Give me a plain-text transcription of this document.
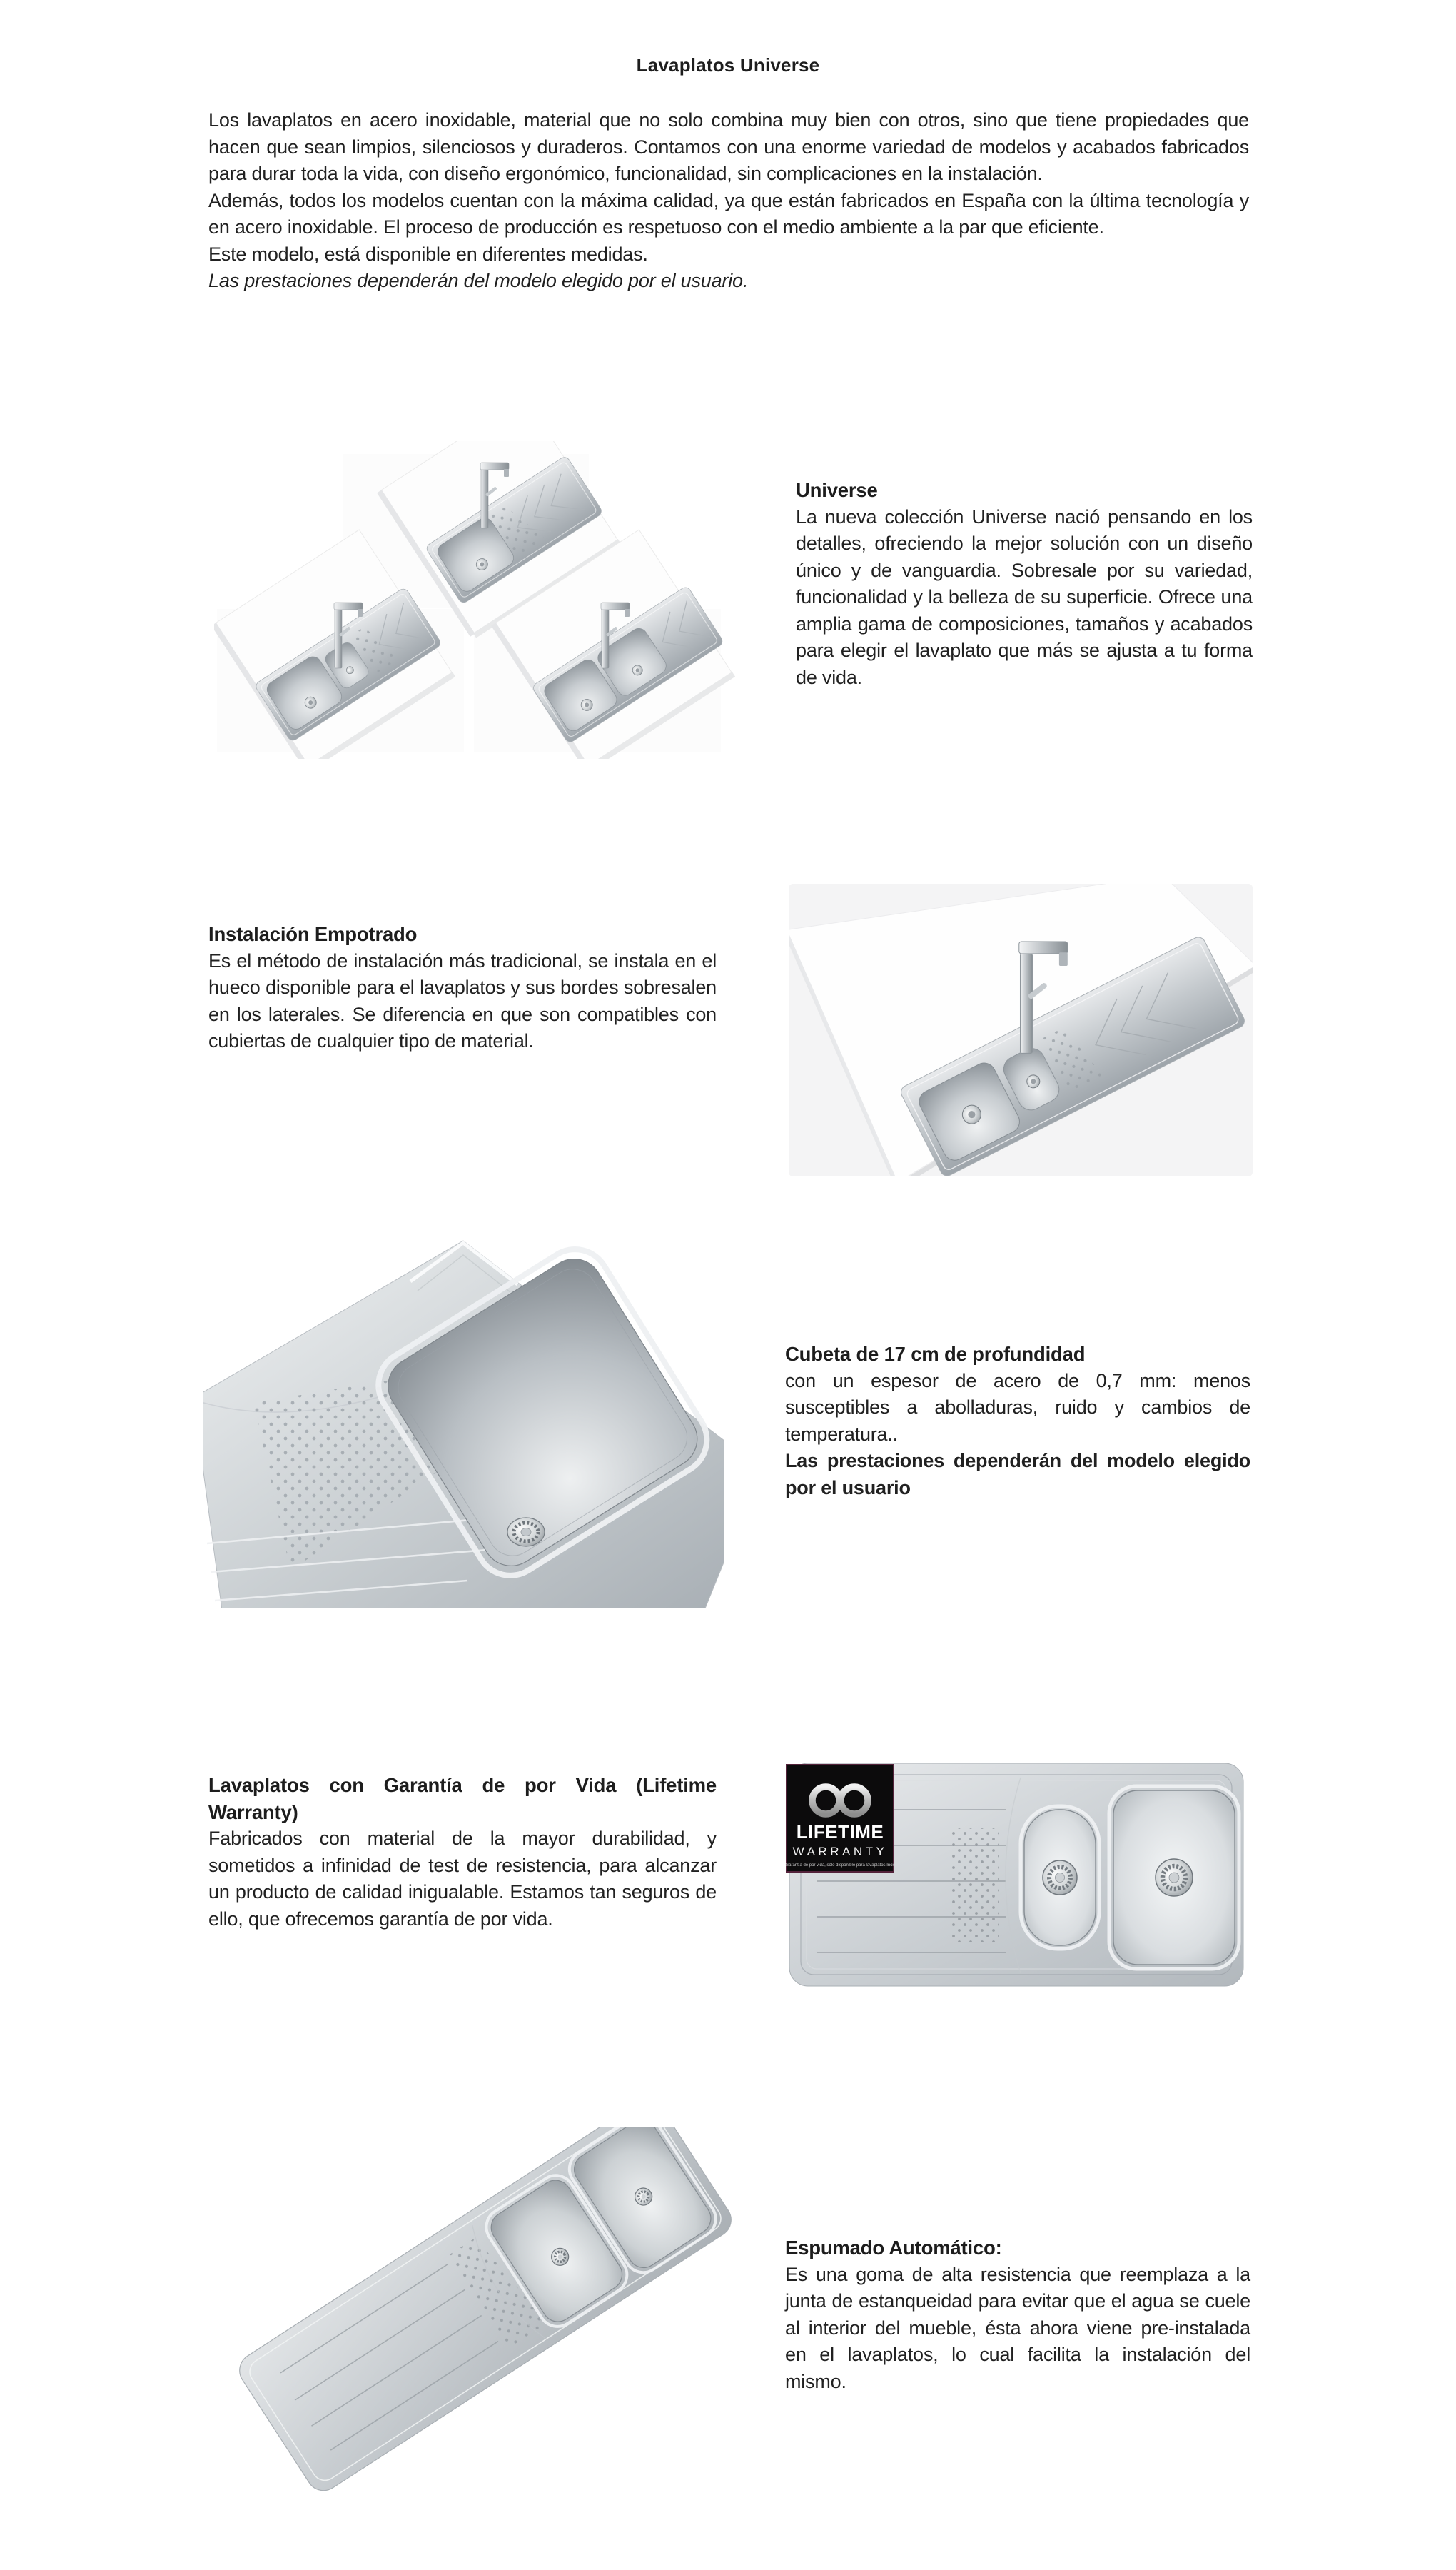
Lavaplatos Universe

Los lavaplatos en acero inoxidable, material que no solo combina muy bien con otros, sino que tiene propiedades que hacen que sean limpios, silenciosos y duraderos. Contamos con una enorme variedad de modelos y acabados fabricados para durar toda la vida, con diseño ergonómico, funcionalidad, sin complicaciones en la instalación.

Además, todos los modelos cuentan con la máxima calidad, ya que están fabricados en España con la última tecnología y en acero inoxidable. El proceso de producción es respetuoso con el medio ambiente a la par que eficiente.

Este modelo, está disponible en diferentes medidas.

Las prestaciones dependerán del modelo elegido por el usuario.

Universe

La nueva colección Universe nació pensando en los detalles, ofreciendo la mejor solución con un diseño único y de vanguardia. Sobresale por su variedad, funcionalidad y la belleza de su superficie. Ofrece una amplia gama de composiciones, tamaños y acabados para elegir el lavaplato que más se ajusta a tu forma de vida.

Instalación Empotrado

Es el método de instalación más tradicional, se instala en el hueco disponible para el lavaplatos y sus bordes sobresalen en los laterales. Se diferencia en que son compatibles con cubiertas de cualquier tipo de material.

Cubeta de 17 cm de profundidad

con un espesor de acero de 0,7 mm: menos susceptibles a abolladuras, ruido y cambios de temperatura..

Las prestaciones dependerán del modelo elegido por el usuario

Lavaplatos con Garantía de por Vida (Lifetime Warranty)

Fabricados con material de la mayor durabilidad, y sometidos a infinidad de test de resistencia, para alcanzar un producto de calidad inigualable. Estamos tan seguros de ello, que ofrecemos garantía de por vida.

LIFETIME
WARRANTY
Garantía de por vida, sólo disponible para lavaplatos Inox
Espumado Automático:

Es una goma de alta resistencia que reemplaza a la junta de estanqueidad para evitar que el agua se cuele al interior del mueble, ésta ahora viene pre-instalada en el lavaplatos, lo cual facilita la instalación del mismo.
